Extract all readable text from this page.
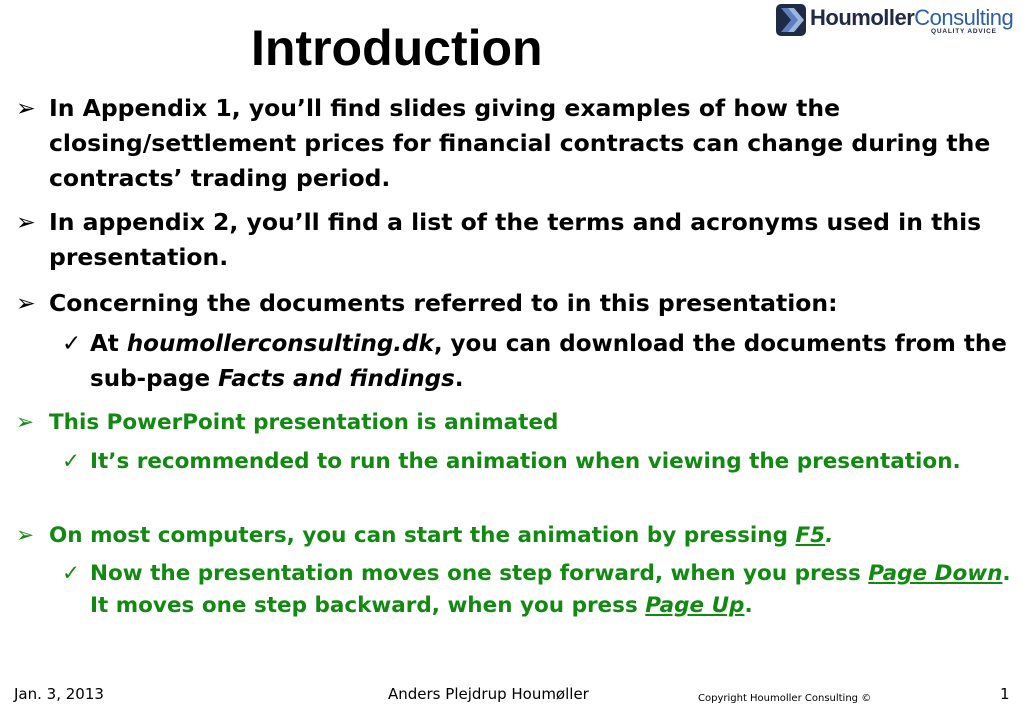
Introduction
HoumollerConsulting
QUALITY ADVICE
➢ In Appendix 1, you’ll find slides giving examples of how the closing/settlement prices for financial contracts can change during the contracts’ trading period.
➢ In appendix 2, you’ll find a list of the terms and acronyms used in this presentation.
➢ Concerning the documents referred to in this presentation:
✓ At houmollerconsulting.dk, you can download the documents from the sub-page Facts and findings.
➢ This PowerPoint presentation is animated
✓ It’s recommended to run the animation when viewing the presentation.
➢ On most computers, you can start the animation by pressing F5.
✓ Now the presentation moves one step forward, when you press Page Down. It moves one step backward, when you press Page Up.
Jan. 3, 2013	Anders Plejdrup Houmøller	Copyright Houmoller Consulting ©	1
